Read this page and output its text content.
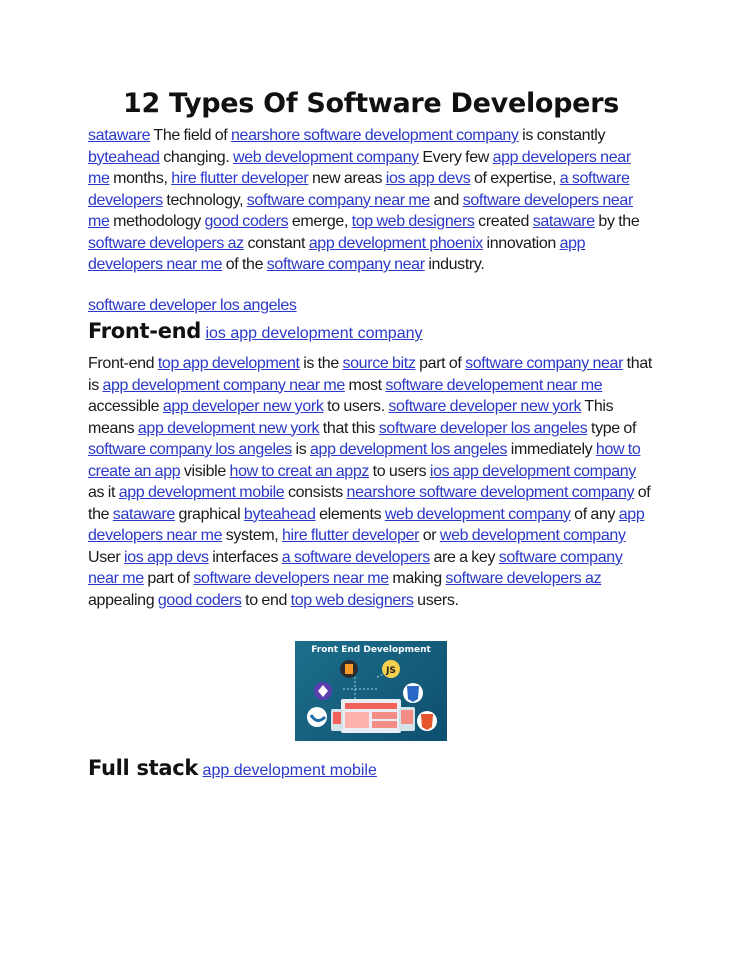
12 Types Of Software Developers

sataware The field of nearshore software development company is constantly byteahead changing. web development company Every few app developers near me months, hire flutter developer new areas ios app devs of expertise, a software developers technology, software company near me and software developers near me methodology good coders emerge, top web designers created sataware by the software developers az constant app development phoenix innovation app developers near me of the software company near industry.

software developer los angeles

Front-end ios app development company

Front-end top app development is the source bitz part of software company near that is app development company near me most software developement near me accessible app developer new york to users. software developer new york This means app development new york that this software developer los angeles type of software company los angeles is app development los angeles immediately how to create an app visible how to creat an appz to users ios app development company as it app development mobile consists nearshore software development company of the sataware graphical byteahead elements web development company of any app developers near me system, hire flutter developer or web development company User ios app devs interfaces a software developers are a key software company near me part of software developers near me making software developers az appealing good coders to end top web designers users.

Front End Development
JS
Full stack app development mobile
